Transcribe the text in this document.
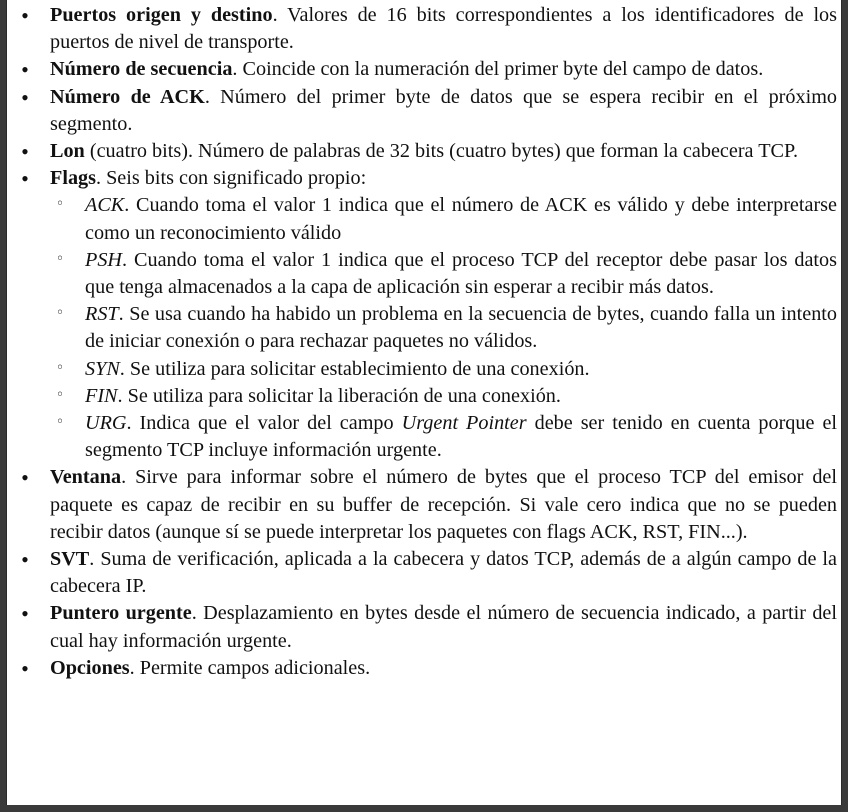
• Puertos origen y destino. Valores de 16 bits correspondientes a los identificadores de los puertos de nivel de transporte.
• Número de secuencia. Coincide con la numeración del primer byte del campo de datos.
• Número de ACK. Número del primer byte de datos que se espera recibir en el próximo segmento.
• Lon (cuatro bits). Número de palabras de 32 bits (cuatro bytes) que forman la cabecera TCP.
• Flags. Seis bits con significado propio:
◦ ACK. Cuando toma el valor 1 indica que el número de ACK es válido y debe interpretarse como un reconocimiento válido
◦ PSH. Cuando toma el valor 1 indica que el proceso TCP del receptor debe pasar los datos que tenga almacenados a la capa de aplicación sin esperar a recibir más datos.
◦ RST. Se usa cuando ha habido un problema en la secuencia de bytes, cuando falla un intento de iniciar conexión o para rechazar paquetes no válidos.
◦ SYN. Se utiliza para solicitar establecimiento de una conexión.
◦ FIN. Se utiliza para solicitar la liberación de una conexión.
◦ URG. Indica que el valor del campo Urgent Pointer debe ser tenido en cuenta porque el segmento TCP incluye información urgente.
• Ventana. Sirve para informar sobre el número de bytes que el proceso TCP del emisor del paquete es capaz de recibir en su buffer de recepción. Si vale cero indica que no se pueden recibir datos (aunque sí se puede interpretar los paquetes con flags ACK, RST, FIN...).
• SVT. Suma de verificación, aplicada a la cabecera y datos TCP, además de a algún campo de la cabecera IP.
• Puntero urgente. Desplazamiento en bytes desde el número de secuencia indicado, a partir del cual hay información urgente.
• Opciones. Permite campos adicionales.
